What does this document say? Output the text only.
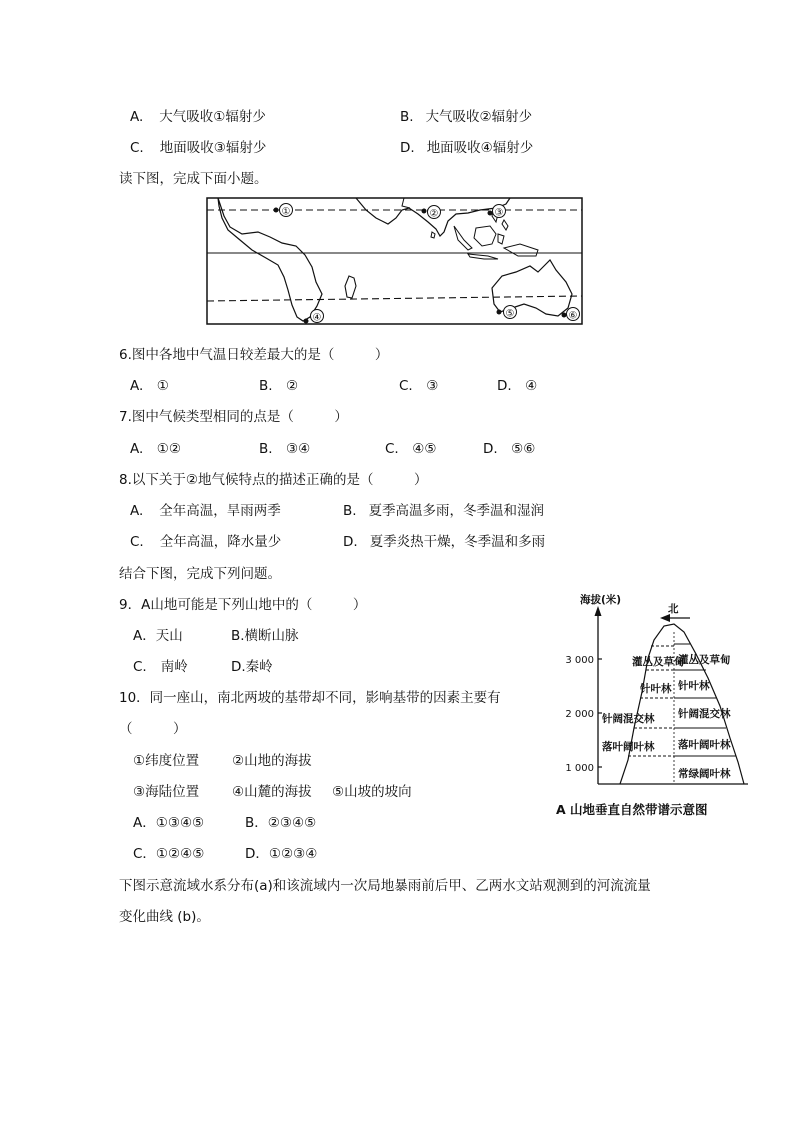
A. 大气吸收①辐射少	B. 大气吸收②辐射少
C. 地面吸收③辐射少	D. 地面吸收④辐射少
读下图，完成下面小题。
①	②	③
④	⑤	⑥
6.图中各地中气温日较差最大的是（　　　）
A.　①	B.　②	C.　③	D.　④
7.图中气候类型相同的点是（　　　）
A.　①②	B.　③④	C.　④⑤	D.　⑤⑥
8.以下关于②地气候特点的描述正确的是（　　　）
A. 全年高温，旱雨两季	B. 夏季高温多雨，冬季温和湿润
C. 全年高温，降水量少	D. 夏季炎热干燥，冬季温和多雨
结合下图，完成下列问题。
9．A山地可能是下列山地中的（　　　）
A．天山	B.横断山脉
C. 南岭	D.秦岭
10．同一座山，南北两坡的基带却不同，影响基带的因素主要有
（　　　）
①纬度位置 ②山地的海拔
③海陆位置 ④山麓的海拔 ⑤山坡的坡向
A．①③④⑤	B．②③④⑤
C．①②④⑤	D．①②③④
海拔(米)
3 000
2 000
1 000
北
灌丛及草甸
针叶林
针阔混交林
落叶阔叶林
灌丛及草甸
针叶林
针阔混交林
落叶阔叶林
常绿阔叶林
A 山地垂直自然带谱示意图
下图示意流域水系分布(a)和该流域内一次局地暴雨前后甲、乙两水文站观测到的河流流量
变化曲线 (b)。
